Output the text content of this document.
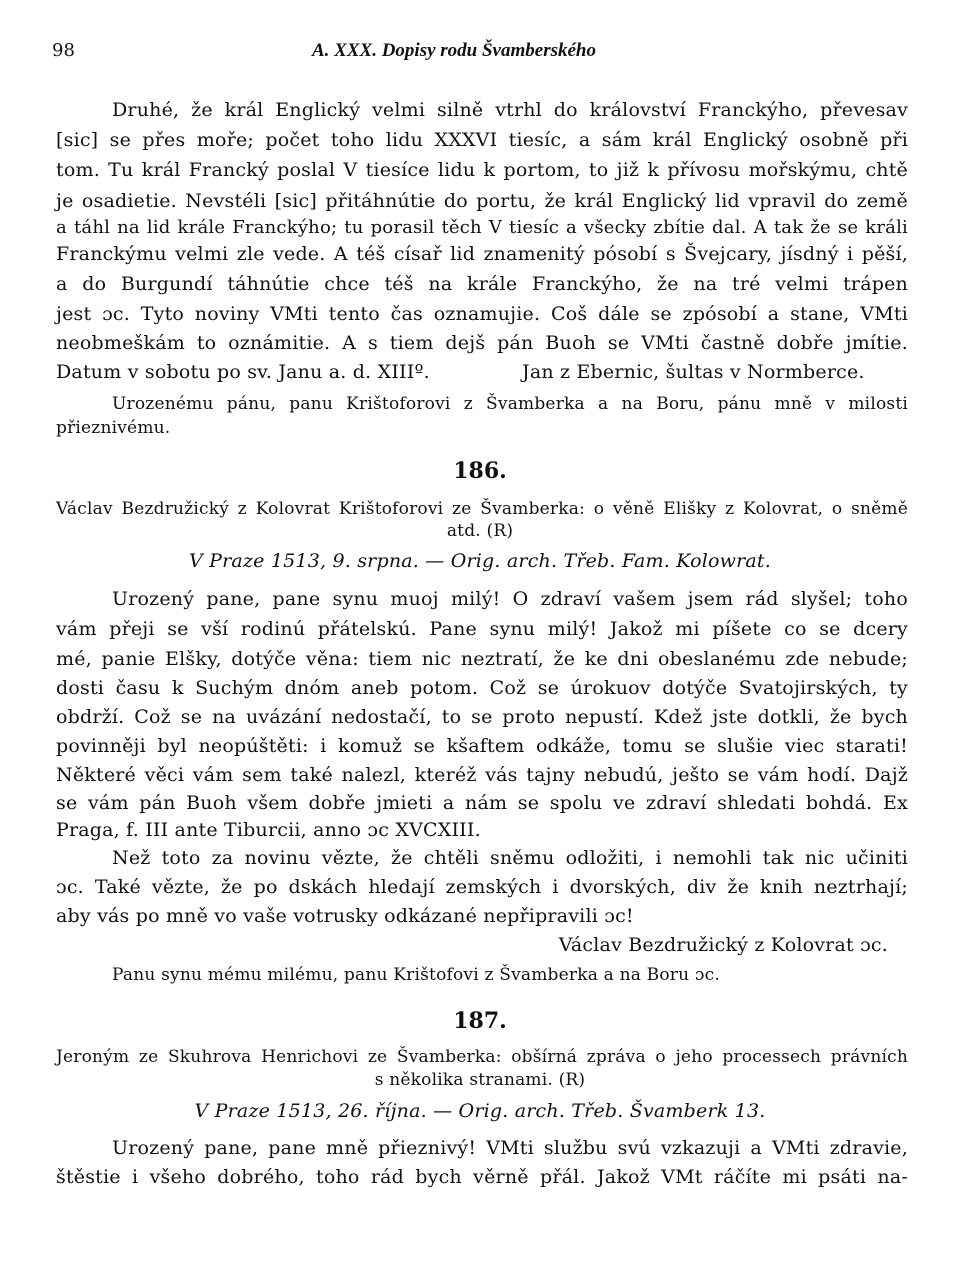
98	A. XXX. Dopisy rodu Švamberského
Druhé, že král Englický velmi silně vtrhl do království Franckýho, převesav
[sic] se přes moře; počet toho lidu XXXVI tiesíc, a sám král Englický osobně při
tom. Tu král Francký poslal V tiesíce lidu k portom, to již k přívosu mořskýmu, chtě
je osadietie. Nevstéli [sic] přitáhnútie do portu, že král Englický lid vpravil do země
a táhl na lid krále Franckýho; tu porasil těch V tiesíc a všecky zbítie dal. A tak že se králi
Franckýmu velmi zle vede. A téš císař lid znamenitý pósobí s Švejcary, jísdný i pěší,
a do Burgundí táhnútie chce téš na krále Franckýho, že na tré velmi trápen
jest ɔc. Tyto noviny VMti tento čas oznamujie. Coš dále se zpósobí a stane, VMti
neobmeškám to oznámitie. A s tiem dejš pán Buoh se VMti častně dobře jmítie.
Datum v sobotu po sv. Janu a. d. XIIIº.	Jan z Ebernic, šultas v Normberce.
Urozenému pánu, panu Krištoforovi z Švamberka a na Boru, pánu mně v milosti
přieznivému.
186.
Václav Bezdružický z Kolovrat Krištoforovi ze Švamberka: o věně Elišky z Kolovrat, o sněmě
atd. (R)
V Praze 1513, 9. srpna. — Orig. arch. Třeb. Fam. Kolowrat.
Urozený pane, pane synu muoj milý! O zdraví vašem jsem rád slyšel; toho
vám přeji se vší rodinú přátelskú. Pane synu milý! Jakož mi píšete co se dcery
mé, panie Elšky, dotýče věna: tiem nic neztratí, že ke dni obeslanému zde nebude;
dosti času k Suchým dnóm aneb potom. Což se úrokuov dotýče Svatojirských, ty
obdrží. Což se na uvázání nedostačí, to se proto nepustí. Kdež jste dotkli, že bych
povinněji byl neopúštěti: i komuž se kšaftem odkáže, tomu se slušie viec starati!
Některé věci vám sem také nalezl, kteréž vás tajny nebudú, ješto se vám hodí. Dajž
se vám pán Buoh všem dobře jmieti a nám se spolu ve zdraví shledati bohdá. Ex
Praga, f. III ante Tiburcii, anno ɔc XVCXIII.
Než toto za novinu vězte, že chtěli sněmu odložiti, i nemohli tak nic učiniti
ɔc. Také vězte, že po dskách hledají zemských i dvorských, div že knih neztrhají;
aby vás po mně vo vaše votrusky odkázané nepřipravili ɔc!
Václav Bezdružický z Kolovrat ɔc.
Panu synu mému milému, panu Krištofovi z Švamberka a na Boru ɔc.
187.
Jeroným ze Skuhrova Henrichovi ze Švamberka: obšírná zpráva o jeho processech právních
s několika stranami. (R)
V Praze 1513, 26. října. — Orig. arch. Třeb. Švamberk 13.
Urozený pane, pane mně přieznivý! VMti službu svú vzkazuji a VMti zdravie,
štěstie i všeho dobrého, toho rád bych věrně přál. Jakož VMt ráčíte mi psáti na-
